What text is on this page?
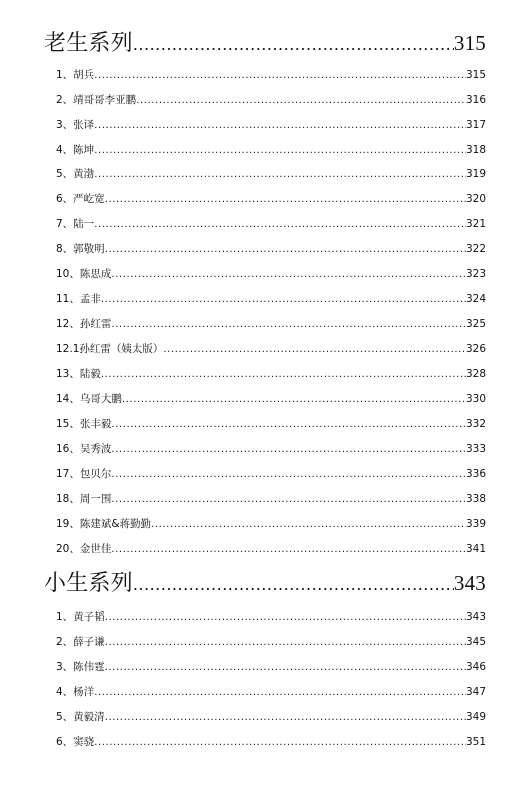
老生系列 .....	315
1、胡兵 .....	315
2、靖哥哥李亚鹏 .....	316
3、张译 .....	317
4、陈坤 .....	318
5、黄渤 .....	319
6、严屹宽 .....	320
7、陆一 .....	321
8、郭敬明 .....	322
10、陈思成 .....	323
11、孟非 .....	324
12、孙红雷 .....	325
12.1孙红雷（姨太版） .....	326
13、陆毅 .....	328
14、乌哥大鹏 .....	330
15、张丰毅 .....	332
16、吴秀波 .....	333
17、包贝尔 .....	336
18、周一围 .....	338
19、陈建斌&蒋勤勤 .....	339
20、金世佳 .....	341
小生系列 .....	343
1、黄子韬 .....	343
2、薛子谦 .....	345
3、陈伟霆 .....	346
4、杨洋 .....	347
5、黄毅清 .....	349
6、窦骁 .....	351
